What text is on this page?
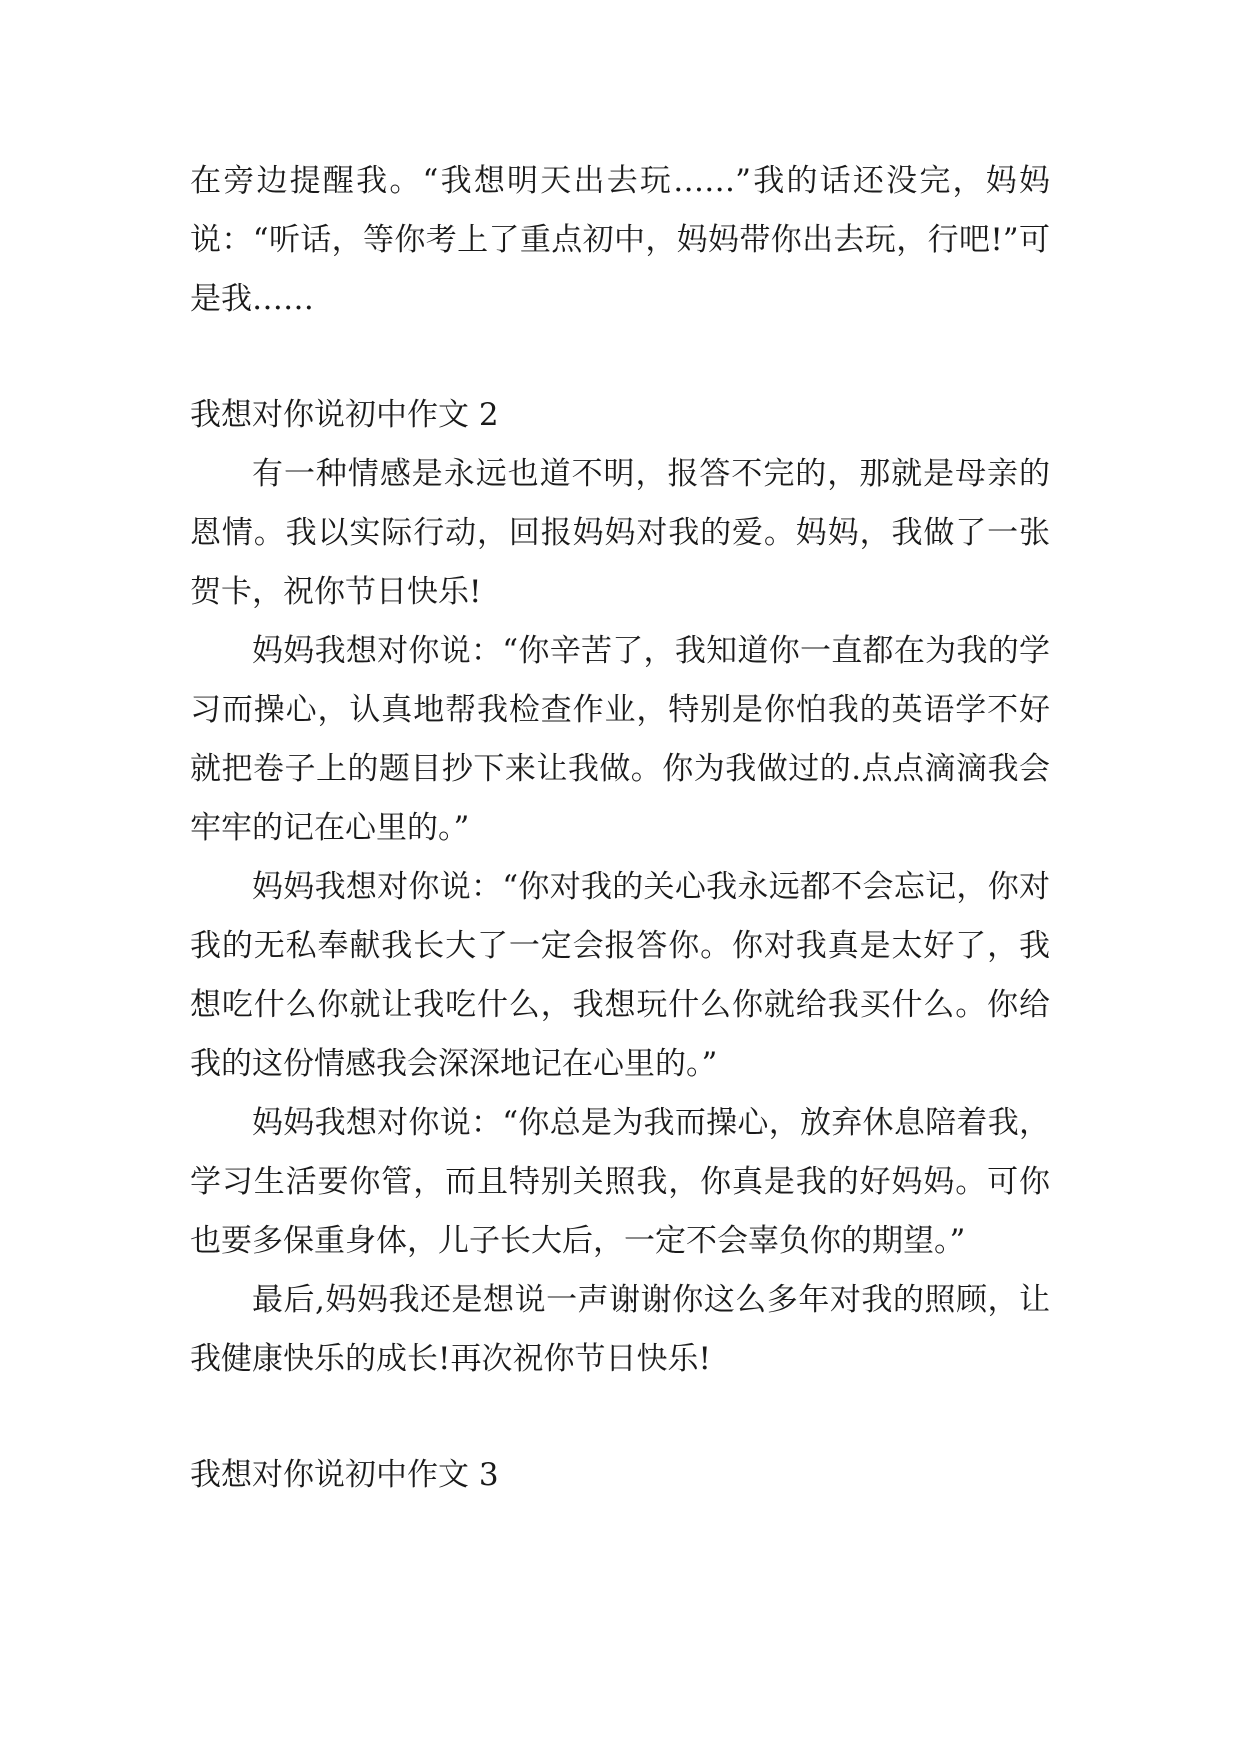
在旁边提醒我。“我想明天出去玩……”我的话还没完，妈妈说：“听话，等你考上了重点初中，妈妈带你出去玩，行吧!”可是我……

我想对你说初中作文 2

有一种情感是永远也道不明，报答不完的，那就是母亲的恩情。我以实际行动，回报妈妈对我的爱。妈妈，我做了一张贺卡，祝你节日快乐!

妈妈我想对你说：“你辛苦了，我知道你一直都在为我的学习而操心，认真地帮我检查作业，特别是你怕我的英语学不好就把卷子上的题目抄下来让我做。你为我做过的.点点滴滴我会牢牢的记在心里的。”

妈妈我想对你说：“你对我的关心我永远都不会忘记，你对我的无私奉献我长大了一定会报答你。你对我真是太好了，我想吃什么你就让我吃什么，我想玩什么你就给我买什么。你给我的这份情感我会深深地记在心里的。”

妈妈我想对你说：“你总是为我而操心，放弃休息陪着我，学习生活要你管，而且特别关照我，你真是我的好妈妈。可你也要多保重身体，儿子长大后，一定不会辜负你的期望。”

最后,妈妈我还是想说一声谢谢你这么多年对我的照顾，让我健康快乐的成长!再次祝你节日快乐!

我想对你说初中作文 3
